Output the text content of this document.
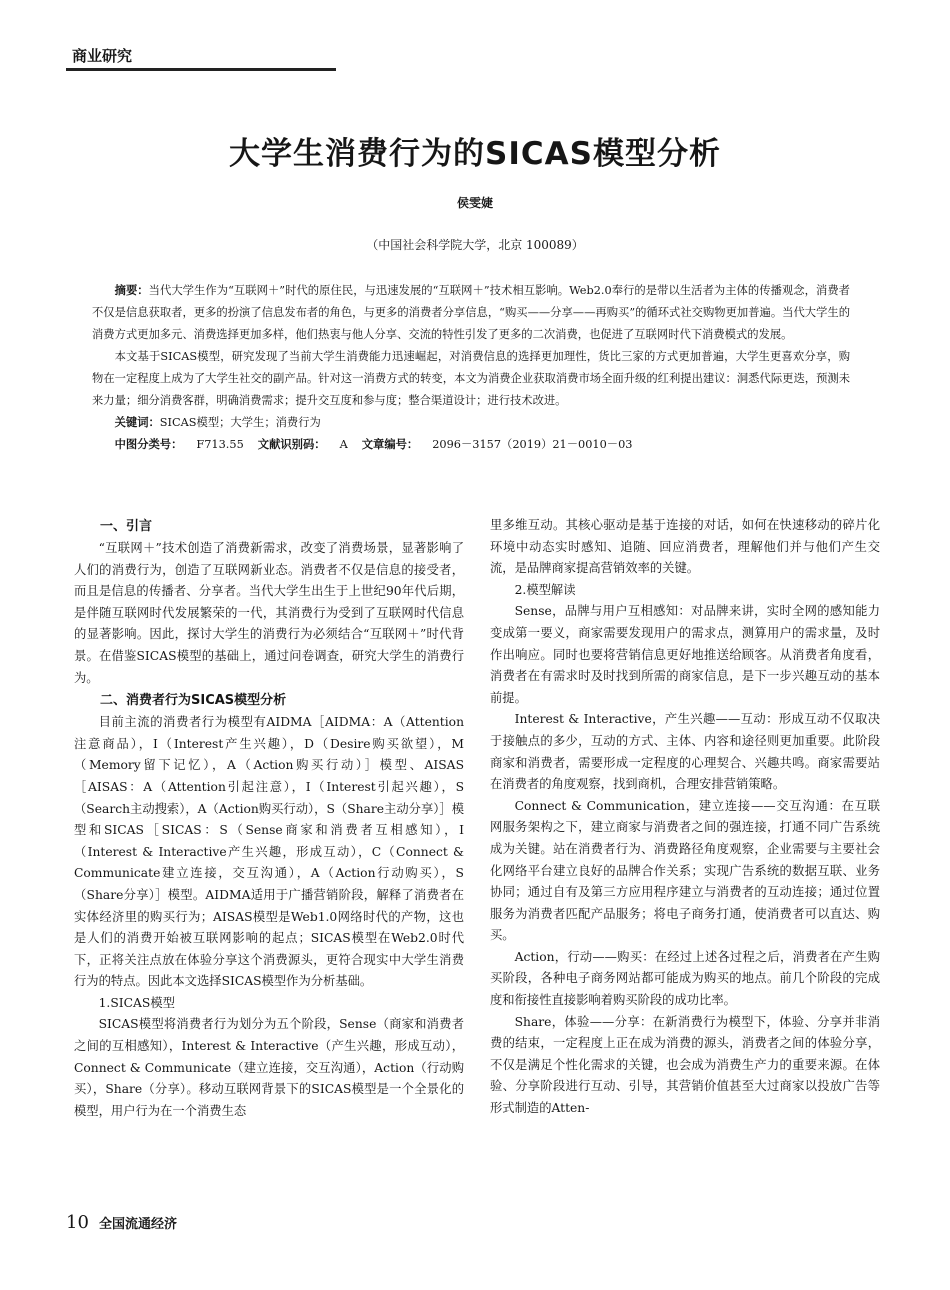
商业研究
大学生消费行为的SICAS模型分析
侯雯婕
（中国社会科学院大学，北京 100089）

摘要：当代大学生作为“互联网＋”时代的原住民，与迅速发展的“互联网＋”技术相互影响。Web2.0奉行的是带以生活者为主体的传播观念，消费者不仅是信息获取者，更多的扮演了信息发布者的角色，与更多的消费者分享信息，“购买——分享——再购买”的循环式社交购物更加普遍。当代大学生的消费方式更加多元、消费选择更加多样，他们热衷与他人分享、交流的特性引发了更多的二次消费，也促进了互联网时代下消费模式的发展。

本文基于SICAS模型，研究发现了当前大学生消费能力迅速崛起，对消费信息的选择更加理性，货比三家的方式更加普遍，大学生更喜欢分享，购物在一定程度上成为了大学生社交的副产品。针对这一消费方式的转变，本文为消费企业获取消费市场全面升级的红利提出建议：洞悉代际更迭，预测未来力量；细分消费客群，明确消费需求；提升交互度和参与度；整合渠道设计；进行技术改进。

关键词：SICAS模型；大学生；消费行为

中图分类号： F713.55 文献识别码： A 文章编号： 2096－3157（2019）21－0010－03

一、引言

“互联网＋”技术创造了消费新需求，改变了消费场景，显著影响了人们的消费行为，创造了互联网新业态。消费者不仅是信息的接受者，而且是信息的传播者、分享者。当代大学生出生于上世纪90年代后期，是伴随互联网时代发展繁荣的一代，其消费行为受到了互联网时代信息的显著影响。因此，探讨大学生的消费行为必须结合“互联网＋”时代背景。在借鉴SICAS模型的基础上，通过问卷调查，研究大学生的消费行为。

二、消费者行为SICAS模型分析

目前主流的消费者行为模型有AIDMA［AIDMA：A（Attention注意商品），I（Interest产生兴趣），D（Desire购买欲望），M（Memory留下记忆），A（Action购买行动）］模型、AISAS［AISAS：A（Attention引起注意），I（Interest引起兴趣），S（Search主动搜索），A（Action购买行动），S（Share主动分享）］模型和SICAS［SICAS：S（Sense商家和消费者互相感知），I（Interest & Interactive产生兴趣，形成互动），C（Connect & Communicate建立连接，交互沟通），A（Action行动购买），S（Share分享）］模型。AIDMA适用于广播营销阶段，解释了消费者在实体经济里的购买行为；AISAS模型是Web1.0网络时代的产物，这也是人们的消费开始被互联网影响的起点；SICAS模型在Web2.0时代下，正将关注点放在体验分享这个消费源头，更符合现实中大学生消费行为的特点。因此本文选择SICAS模型作为分析基础。

1.SICAS模型

SICAS模型将消费者行为划分为五个阶段，Sense（商家和消费者之间的互相感知），Interest & Interactive（产生兴趣，形成互动），Connect & Communicate（建立连接，交互沟通），Action（行动购买），Share（分享）。移动互联网背景下的SICAS模型是一个全景化的模型，用户行为在一个消费生态

里多维互动。其核心驱动是基于连接的对话，如何在快速移动的碎片化环境中动态实时感知、追随、回应消费者，理解他们并与他们产生交流，是品牌商家提高营销效率的关键。

2.模型解读

Sense，品牌与用户互相感知：对品牌来讲，实时全网的感知能力变成第一要义，商家需要发现用户的需求点，测算用户的需求量，及时作出响应。同时也要将营销信息更好地推送给顾客。从消费者角度看，消费者在有需求时及时找到所需的商家信息，是下一步兴趣互动的基本前提。

Interest & Interactive，产生兴趣——互动：形成互动不仅取决于接触点的多少，互动的方式、主体、内容和途径则更加重要。此阶段商家和消费者，需要形成一定程度的心理契合、兴趣共鸣。商家需要站在消费者的角度观察，找到商机，合理安排营销策略。

Connect & Communication，建立连接——交互沟通：在互联网服务架构之下，建立商家与消费者之间的强连接，打通不同广告系统成为关键。站在消费者行为、消费路径角度观察，企业需要与主要社会化网络平台建立良好的品牌合作关系；实现广告系统的数据互联、业务协同；通过自有及第三方应用程序建立与消费者的互动连接；通过位置服务为消费者匹配产品服务；将电子商务打通，使消费者可以直达、购买。

Action，行动——购买：在经过上述各过程之后，消费者在产生购买阶段，各种电子商务网站都可能成为购买的地点。前几个阶段的完成度和衔接性直接影响着购买阶段的成功比率。

Share，体验——分享：在新消费行为模型下，体验、分享并非消费的结束，一定程度上正在成为消费的源头，消费者之间的体验分享，不仅是满足个性化需求的关键，也会成为消费生产力的重要来源。在体验、分享阶段进行互动、引导，其营销价值甚至大过商家以投放广告等形式制造的Atten-

10 全国流通经济
